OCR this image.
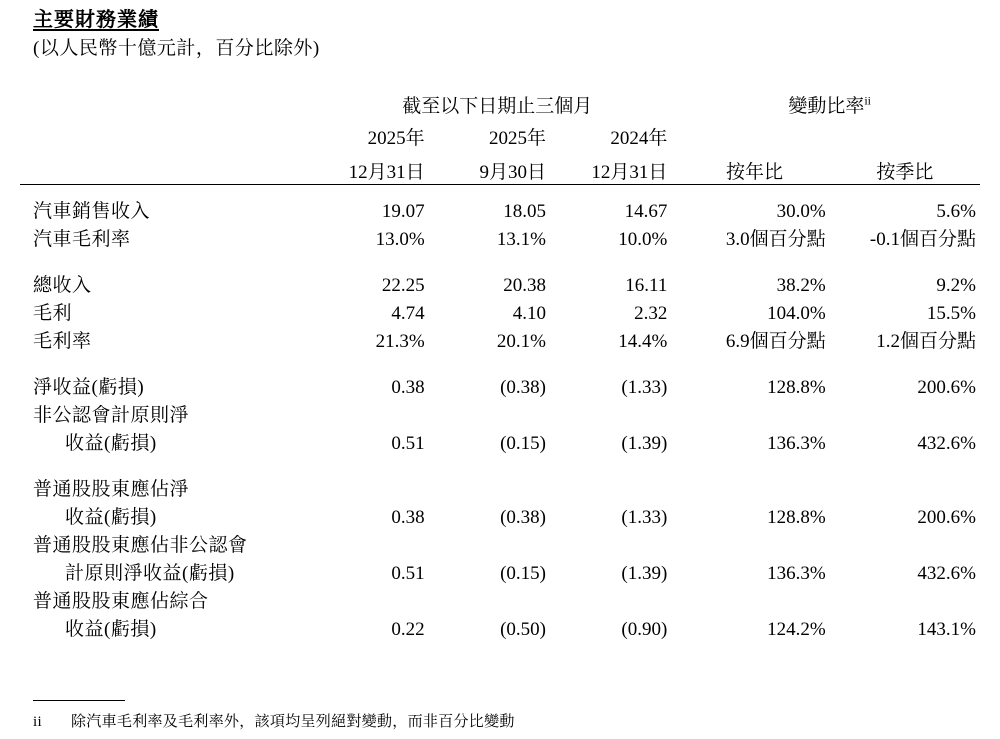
主要財務業績
(以人民幣十億元計，百分比除外)
	截至以下日期止三個月			變動比率$^{ii}$
	2025年	2025年	2024年		
	12月31日	9月30日	12月31日	按年比	按季比

汽車銷售收入	19.07	18.05	14.67	30.0%	5.6%
汽車毛利率	13.0%	13.1%	10.0%	3.0個百分點	-0.1個百分點

總收入	22.25	20.38	16.11	38.2%	9.2%
毛利	4.74	4.10	2.32	104.0%	15.5%
毛利率	21.3%	20.1%	14.4%	6.9個百分點	1.2個百分點

淨收益(虧損)	0.38	(0.38)	(1.33)	128.8%	200.6%
非公認會計原則淨					
收益(虧損)	0.51	(0.15)	(1.39)	136.3%	432.6%

普通股股東應佔淨					
收益(虧損)	0.38	(0.38)	(1.33)	128.8%	200.6%
普通股股東應佔非公認會					
計原則淨收益(虧損)	0.51	(0.15)	(1.39)	136.3%	432.6%
普通股股東應佔綜合					
收益(虧損)	0.22	(0.50)	(0.90)	124.2%	143.1%
ii 除汽車毛利率及毛利率外，該項均呈列絕對變動，而非百分比變動
